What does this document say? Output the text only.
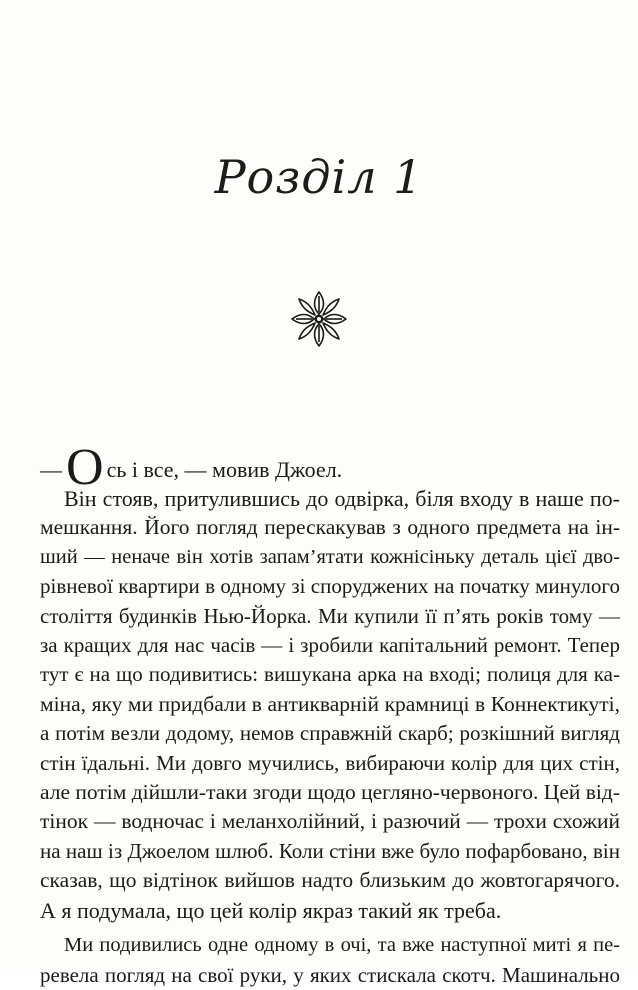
Розділ 1
— О сь і все, — мовив Джоел.
Він стояв, притулившись до одвірка, біля входу в наше по-
мешкання. Його погляд перескакував з одного предмета на ін-
ший — неначе він хотів запам’ятати кожнісіньку деталь цієї дво-
рівневої квартири в одному зі споруджених на початку минулого
століття будинків Нью-Йорка. Ми купили її п’ять років тому —
за кращих для нас часів — і зробили капітальний ремонт. Тепер
тут є на що подивитись: вишукана арка на вході; полиця для ка-
міна, яку ми придбали в антикварній крамниці в Коннектикуті,
а потім везли додому, немов справжній скарб; розкішний вигляд
стін їдальні. Ми довго мучились, вибираючи колір для цих стін,
але потім дійшли-таки згоди щодо цегляно-червоного. Цей від-
тінок — водночас і меланхолійний, і разючий — трохи схожий
на наш із Джоелом шлюб. Коли стіни вже було пофарбовано, він
сказав, що відтінок вийшов надто близьким до жовтогарячого.
А я подумала, що цей колір якраз такий як треба.
Ми подивились одне одному в очі, та вже наступної миті я пе-
ревела погляд на свої руки, у яких стискала скотч. Машинально
